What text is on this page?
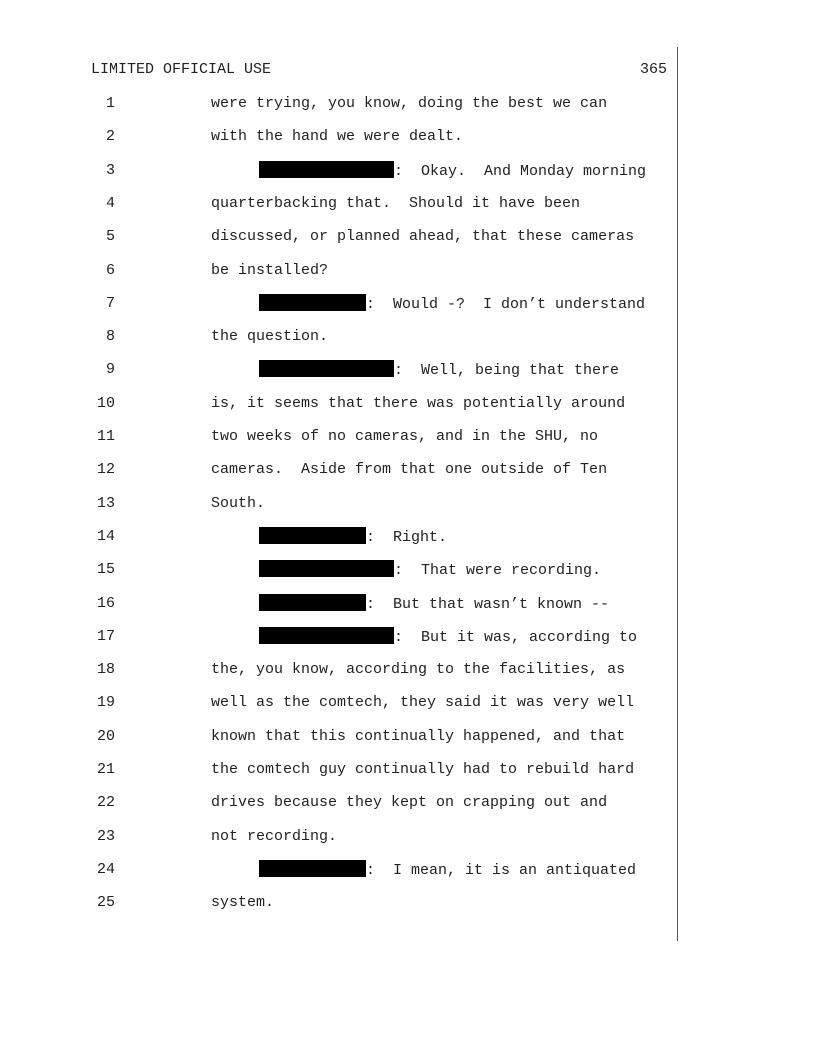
LIMITED OFFICIAL USE	365
1	were trying, you know, doing the best we can
2	with the hand we were dealt.
3	:  Okay.  And Monday morning
4	quarterbacking that.  Should it have been
5	discussed, or planned ahead, that these cameras
6	be installed?
7	:  Would -?  I don’t understand
8	the question.
9	:  Well, being that there
10	is, it seems that there was potentially around
11	two weeks of no cameras, and in the SHU, no
12	cameras.  Aside from that one outside of Ten
13	South.
14	:  Right.
15	:  That were recording.
16	:  But that wasn’t known --
17	:  But it was, according to
18	the, you know, according to the facilities, as
19	well as the comtech, they said it was very well
20	known that this continually happened, and that
21	the comtech guy continually had to rebuild hard
22	drives because they kept on crapping out and
23	not recording.
24	:  I mean, it is an antiquated
25	system.
